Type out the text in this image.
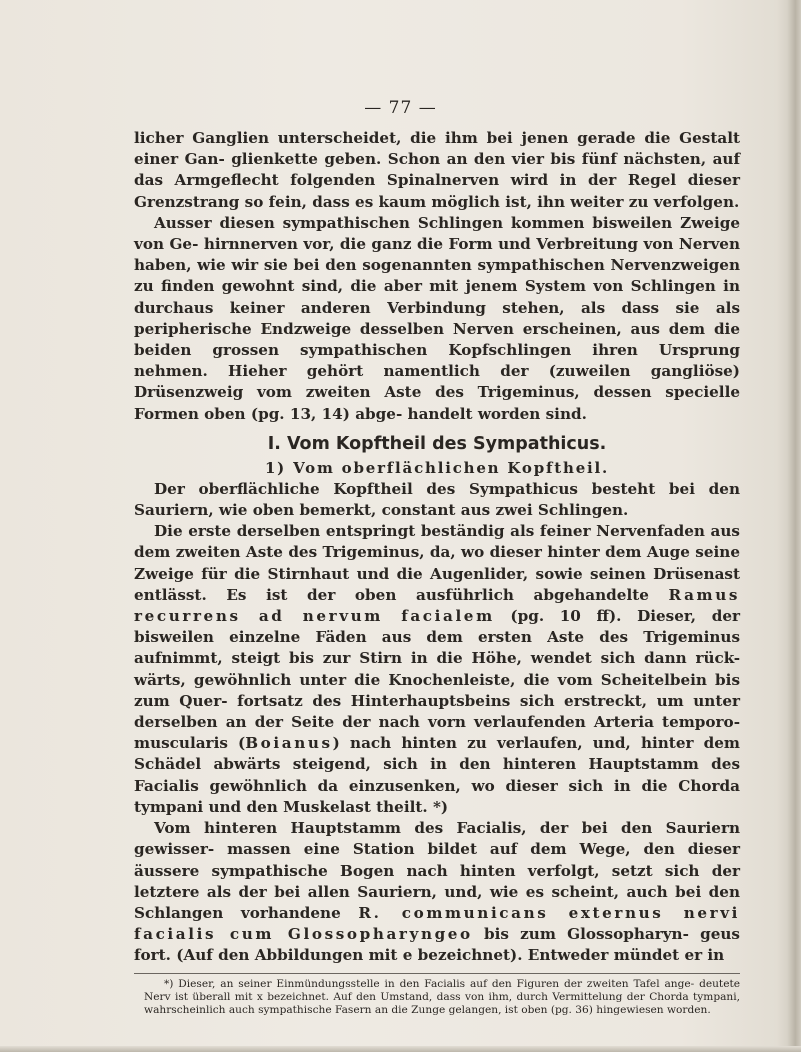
— 77 —

licher Ganglien unterscheidet, die ihm bei jenen gerade die Gestalt einer Gan- glienkette geben. Schon an den vier bis fünf nächsten, auf das Armgeflecht folgenden Spinalnerven wird in der Regel dieser Grenzstrang so fein, dass es kaum möglich ist, ihn weiter zu verfolgen.

Ausser diesen sympathischen Schlingen kommen bisweilen Zweige von Ge- hirnnerven vor, die ganz die Form und Verbreitung von Nerven haben, wie wir sie bei den sogenannten sympathischen Nervenzweigen zu finden gewohnt sind, die aber mit jenem System von Schlingen in durchaus keiner anderen Verbindung stehen, als dass sie als peripherische Endzweige desselben Nerven erscheinen, aus dem die beiden grossen sympathischen Kopfschlingen ihren Ursprung nehmen. Hieher gehört namentlich der (zuweilen gangliöse) Drüsenzweig vom zweiten Aste des Trigeminus, dessen specielle Formen oben (pg. 13, 14) abge- handelt worden sind.

I. Vom Kopftheil des Sympathicus.
1) Vom oberflächlichen Kopftheil.

Der oberflächliche Kopftheil des Sympathicus besteht bei den Sauriern, wie oben bemerkt, constant aus zwei Schlingen.

Die erste derselben entspringt beständig als feiner Nervenfaden aus dem zweiten Aste des Trigeminus, da, wo dieser hinter dem Auge seine Zweige für die Stirnhaut und die Augenlider, sowie seinen Drüsenast entlässt. Es ist der oben ausführlich abgehandelte Ramus recurrens ad nervum facialem (pg. 10 ff). Dieser, der bisweilen einzelne Fäden aus dem ersten Aste des Trigeminus aufnimmt, steigt bis zur Stirn in die Höhe, wendet sich dann rück- wärts, gewöhnlich unter die Knochenleiste, die vom Scheitelbein bis zum Quer- fortsatz des Hinterhauptsbeins sich erstreckt, um unter derselben an der Seite der nach vorn verlaufenden Arteria temporo-muscularis (Boianus) nach hinten zu verlaufen, und, hinter dem Schädel abwärts steigend, sich in den hinteren Hauptstamm des Facialis gewöhnlich da einzusenken, wo dieser sich in die Chorda tympani und den Muskelast theilt. *)

Vom hinteren Hauptstamm des Facialis, der bei den Sauriern gewisser- massen eine Station bildet auf dem Wege, den dieser äussere sympathische Bogen nach hinten verfolgt, setzt sich der letztere als der bei allen Sauriern, und, wie es scheint, auch bei den Schlangen vorhandene R. communicans externus nervi facialis cum Glossopharyngeo bis zum Glossopharyn- geus fort. (Auf den Abbildungen mit e bezeichnet). Entweder mündet er in

*) Dieser, an seiner Einmündungsstelle in den Facialis auf den Figuren der zweiten Tafel ange- deutete Nerv ist überall mit x bezeichnet. Auf den Umstand, dass von ihm, durch Vermittelung der Chorda tympani, wahrscheinlich auch sympathische Fasern an die Zunge gelangen, ist oben (pg. 36) hingewiesen worden.
